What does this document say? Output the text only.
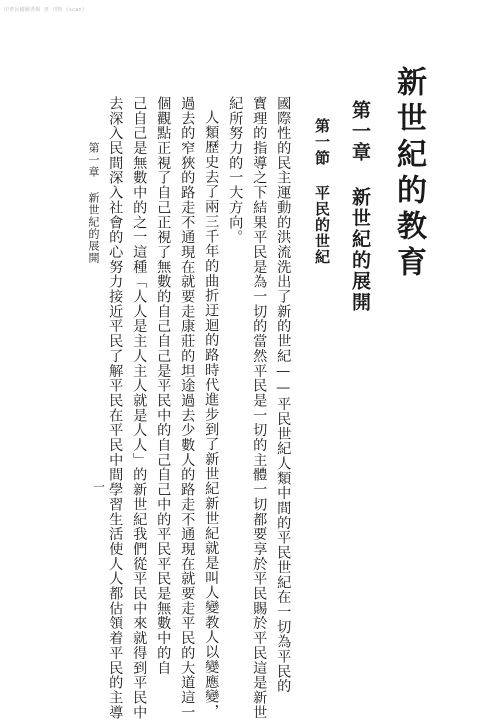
中華民國圖書館 書 刊物 (scan)
新世紀的教育
第一章 新世紀的展開
第一節 平民的世紀
國際性的民主運動的洪流洗出了新的世紀——平民世紀人類中間的平民世紀在一切為平民的
寳理的指導之下結果平民是為一切的當然平民是一切的主體一切都要享於平民賜於平民這是新世
紀所努力的一大方向。
人類歷史去了兩三千年的曲折迂迴的路時代進步到了新世紀新世紀就是叫人變教人以變應變，
過去的窄狹的路走不通現在就要走康莊的坦途過去少數人的路走不通現在就要走平民的大道這一
個觀點正視了自己正視了無數的自己自己是平民中的自己自己中的平民平民是無數中的自
己自己是無數中的之一這種「人人是主人主人就是人人」的新世紀我們從平民中來就得到平民中
去深入民間深入社會的心努力接近平民了解平民在平民中間學習生活使人人都估領着平民的主導
第一章 新世紀的展開
一
